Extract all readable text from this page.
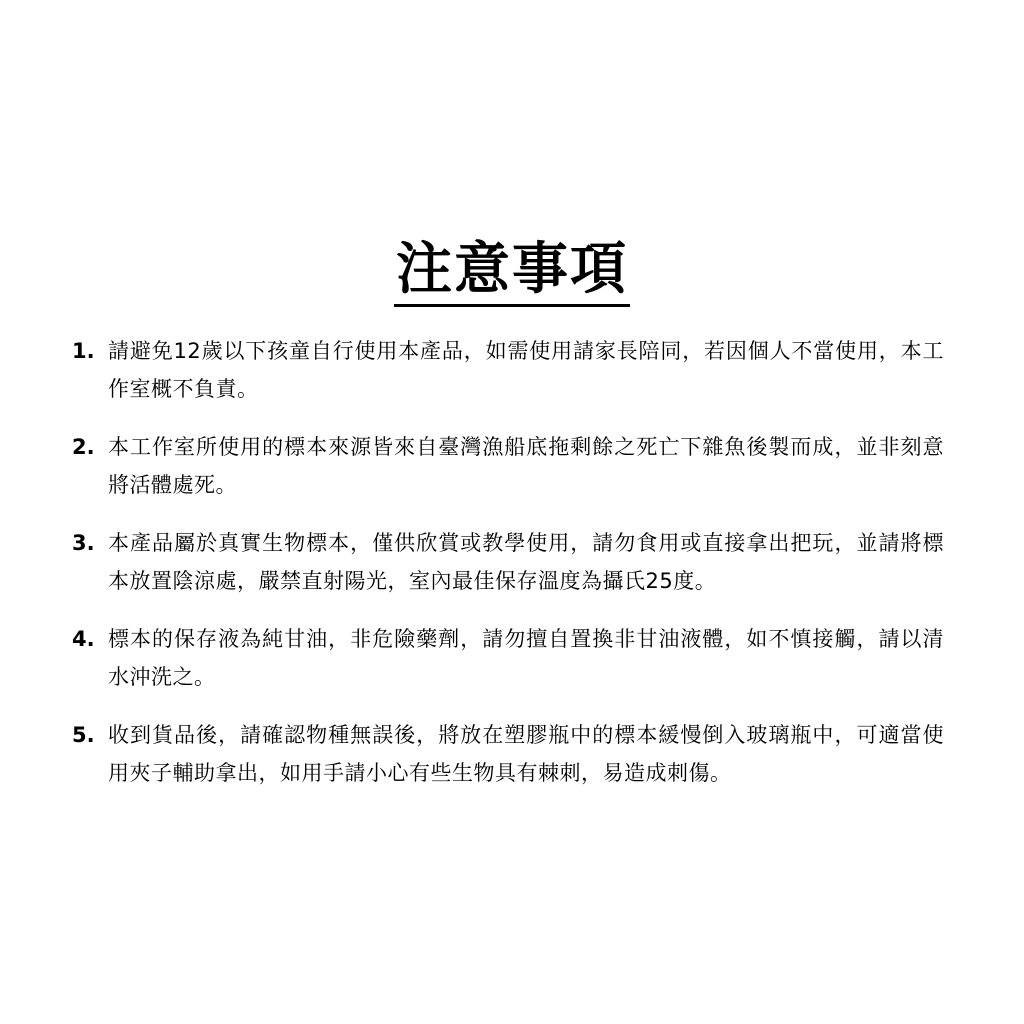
注意事項
1. 請避免12歲以下孩童自行使用本產品，如需使用請家長陪同，若因個人不當使用，本工作室概不負責。
2. 本工作室所使用的標本來源皆來自臺灣漁船底拖剩餘之死亡下雜魚後製而成，並非刻意將活體處死。
3. 本產品屬於真實生物標本，僅供欣賞或教學使用，請勿食用或直接拿出把玩，並請將標本放置陰涼處，嚴禁直射陽光，室內最佳保存溫度為攝氏25度。
4. 標本的保存液為純甘油，非危險藥劑，請勿擅自置換非甘油液體，如不慎接觸，請以清水沖洗之。
5. 收到貨品後，請確認物種無誤後，將放在塑膠瓶中的標本緩慢倒入玻璃瓶中，可適當使用夾子輔助拿出，如用手請小心有些生物具有棘刺，易造成刺傷。
